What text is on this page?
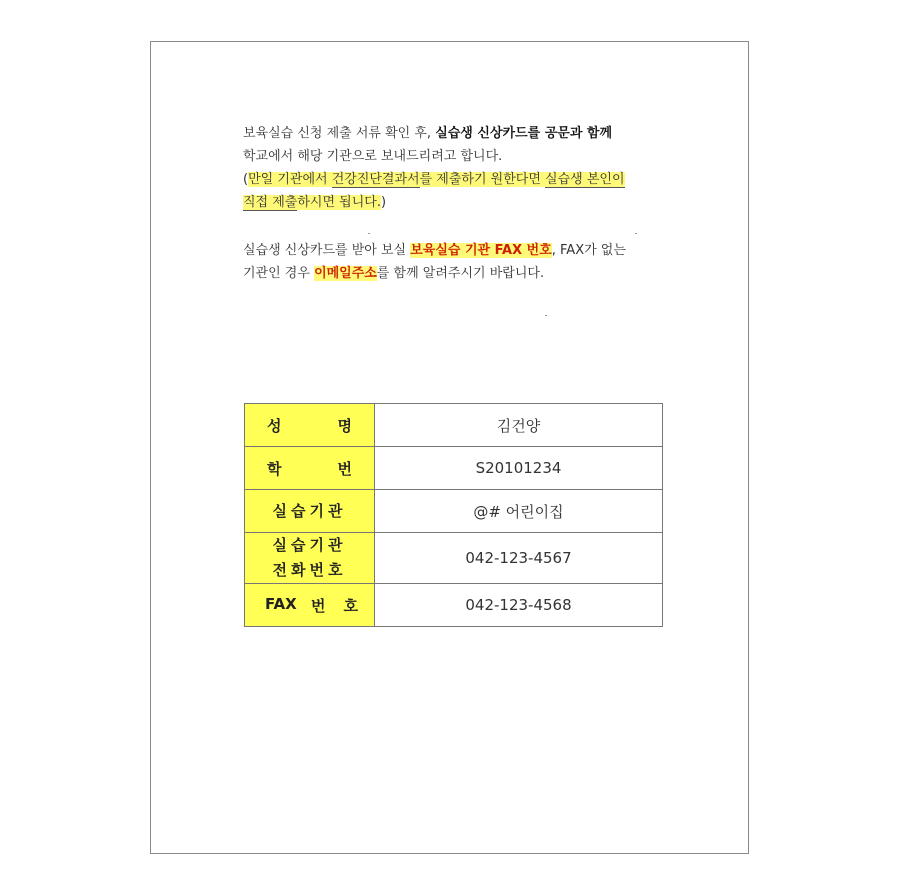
보육실습 신청 제출 서류 확인 후, 실습생 신상카드를 공문과 함께
학교에서 해당 기관으로 보내드리려고 합니다.
(만일 기관에서 건강진단결과서를 제출하기 원한다면 실습생 본인이
직접 제출하시면 됩니다.)
실습생 신상카드를 받아 보실 보육실습 기관 FAX 번호, FAX가 없는
기관인 경우 이메일주소를 함께 알려주시기 바랍니다.
성 명	김건양

학 번	S20101234

실습기관	@# 어린이집

실습기관
전화번호	042-123-4567

FAX 번 호	042-123-4568
